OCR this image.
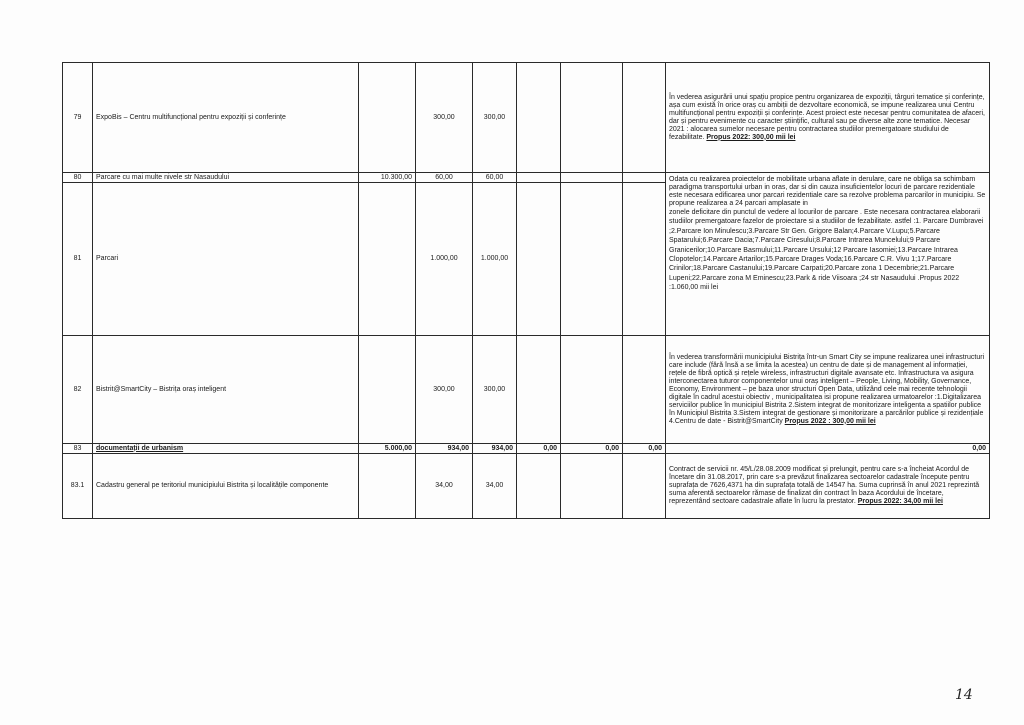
79	ExpoBis – Centru multifuncțional pentru expoziții și conferințe		300,00	300,00				În vederea asigurării unui spațiu propice pentru organizarea de expoziții, târguri tematice și conferințe, așa cum există în orice oraș cu ambiții de dezvoltare economică, se impune realizarea unui Centru multifuncțional pentru expoziții și conferințe. Acest proiect este necesar pentru comunitatea de afaceri, dar și pentru evenimente cu caracter științific, cultural sau pe diverse alte zone tematice. Necesar 2021 : alocarea sumelor necesare pentru contractarea studiilor premergatoare studiului de fezabilitate. Propus 2022: 300,00 mii lei
80	Parcare cu mai multe nivele str Nasaudului	10.300,00	60,00	60,00				Odata cu realizarea proiectelor de mobilitate urbana aflate in derulare, care ne obliga sa schimbam paradigma transportului urban in oras, dar si din cauza insuficientelor locuri de parcare rezidentiale este necesara edificarea unor parcari rezidentiale care sa rezolve problema parcarilor in municipiu. Se propune realizarea a 24 parcari amplasate in
zonele deficitare din punctul de vedere al locurilor de parcare . Este necesara contractarea elaborarii studiilor premergatoare fazelor de proiectare si a studiilor de fezabilitate. astfel :1. Parcare Dumbravei ;2.Parcare Ion Minulescu;3.Parcare Str Gen. Grigore Balan;4.Parcare V.Lupu;5.Parcare Spatarului;6.Parcare Dacia;7.Parcare Ciresului;8.Parcare Intrarea Muncelului;9 Parcare Granicerilor;10.Parcare Basmului;11.Parcare Ursului;12 Parcare Iasomiei;13.Parcare Intrarea Clopotelor;14.Parcare Artarilor;15.Parcare Drages Voda;16.Parcare C.R. Vivu 1;17.Parcare Crinilor;18.Parcare Castanului;19.Parcare Carpati;20.Parcare zona 1 Decembrie;21.Parcare Lupeni;22.Parcare zona M Eminescu;23.Park & ride Viisoara ;24 str Nasaudului .Propus 2022 :1.060,00 mii lei

81	Parcari		1.000,00	1.000,00				
82	Bistrit@SmartCity – Bistrița oraș inteligent		300,00	300,00				În vederea transformării municipiului Bistrița într-un Smart City se impune realizarea unei infrastructuri care include (fără însă a se limita la acestea) un centru de date și de management al informației, rețele de fibră optică și rețele wireless, infrastructuri digitale avansate etc. Infrastructura va asigura interconectarea tuturor componentelor unui oraș inteligent – People, Living, Mobility, Governance, Economy, Environment – pe baza unor structuri Open Data, utilizând cele mai recente tehnologii digitale în cadrul acestui obiectiv , municipalitatea isi propune realizarea urmatoarelor :1.Digitalizarea serviciilor publice în municipiul Bistrita 2.Sistem integrat de monitorizare inteligenta a spatiilor publice în Municipiul Bistrita 3.Sistem integrat de gestionare și monitorizare a parcărilor publice și rezidențiale 4.Centru de date - Bistrit@SmartCity Propus 2022 : 300,00 mii lei
83	documentații de urbanism	5.000,00	934,00	934,00	0,00	0,00	0,00	0,00
83.1	Cadastru general pe teritoriul municipiului Bistrita și localitățile componente		34,00	34,00				Contract de servicii nr. 45/L/28.08.2009 modificat și prelungit, pentru care s-a încheiat Acordul de încetare din 31.08.2017, prin care s-a prevăzut finalizarea sectoarelor cadastrale începute pentru suprafața de 7626,4371 ha din suprafața totală de 14547 ha. Suma cuprinsă în anul 2021 reprezintă suma aferentă sectoarelor rămase de finalizat din contract în baza Acordului de încetare, reprezentând sectoare cadastrale aflate în lucru la prestator. Propus 2022: 34,00 mii lei
14
